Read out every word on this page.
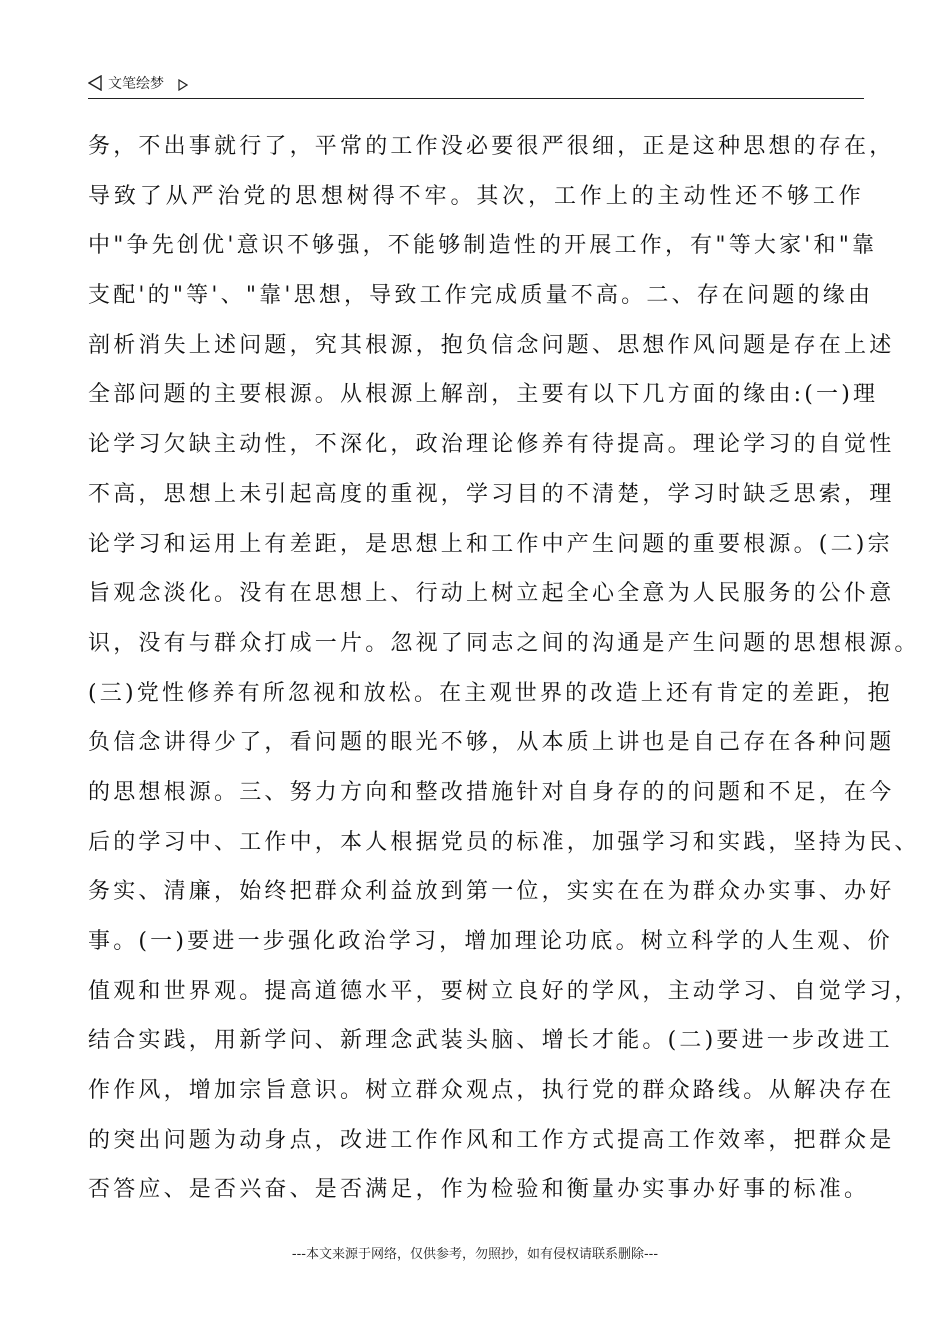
文笔绘梦
务，不出事就行了，平常的工作没必要很严很细，正是这种思想的存在，
导致了从严治党的思想树得不牢。其次，工作上的主动性还不够工作
中"争先创优'意识不够强，不能够制造性的开展工作，有"等大家'和"靠
支配'的"等'、"靠'思想，导致工作完成质量不高。二、存在问题的缘由
剖析消失上述问题，究其根源，抱负信念问题、思想作风问题是存在上述
全部问题的主要根源。从根源上解剖，主要有以下几方面的缘由:(一)理
论学习欠缺主动性，不深化，政治理论修养有待提高。理论学习的自觉性
不高，思想上未引起高度的重视，学习目的不清楚，学习时缺乏思索，理
论学习和运用上有差距，是思想上和工作中产生问题的重要根源。(二)宗
旨观念淡化。没有在思想上、行动上树立起全心全意为人民服务的公仆意
识，没有与群众打成一片。忽视了同志之间的沟通是产生问题的思想根源。
(三)党性修养有所忽视和放松。在主观世界的改造上还有肯定的差距，抱
负信念讲得少了，看问题的眼光不够，从本质上讲也是自己存在各种问题
的思想根源。三、努力方向和整改措施针对自身存的的问题和不足，在今
后的学习中、工作中，本人根据党员的标准，加强学习和实践，坚持为民、
务实、清廉，始终把群众利益放到第一位，实实在在为群众办实事、办好
事。(一)要进一步强化政治学习，增加理论功底。树立科学的人生观、价
值观和世界观。提高道德水平，要树立良好的学风，主动学习、自觉学习，
结合实践，用新学问、新理念武装头脑、增长才能。(二)要进一步改进工
作作风，增加宗旨意识。树立群众观点，执行党的群众路线。从解决存在
的突出问题为动身点，改进工作作风和工作方式提高工作效率，把群众是
否答应、是否兴奋、是否满足，作为检验和衡量办实事办好事的标准。
---本文来源于网络，仅供参考，勿照抄，如有侵权请联系删除---
